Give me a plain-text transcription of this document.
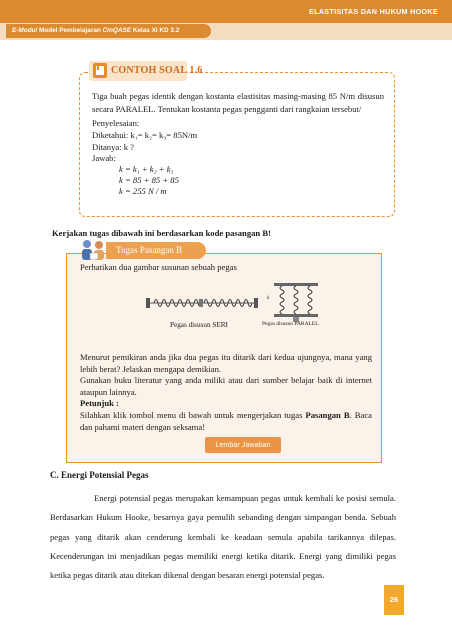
ELASTISITAS DAN HUKUM HOOKE
E-Modul Model Pembelajaran CinQASE Kelas XI KD 3.2
CONTOH SOAL 1.6
Tiga buah pegas identik dengan kostanta elastisitas masing-masing 85 N/m disusun secara PARALEL. Tentukan kostanta pegas pengganti dari rangkaian tersebut/
Penyelesaian:
Diketahui: k₁= k₂= k₃= 85N/m
Ditanya: k ?
Jawab:
k = k₁ + k₂ + k₃
k = 85 + 85 + 85
k = 255 N / m
Kerjakan tugas dibawah ini berdasarkan kode pasangan B!
Tugas Pasangan B
Perhatikan dua gambar susunan sebuah pegas
k
Pegas disusun SERI	Pegas disusun PARALEL

Menurut pemikiran anda jika dua pegas itu ditarik dari kedua ujungnya, mana yang lebih berat? Jelaskan mengapa demikian.

Gunakan buku literatur yang anda miliki atau dari sumber belajar baik di internet ataupun lainnya.

Petunjuk :

Silahkan klik tombol menu di bawah untuk mengerjakan tugas Pasangan B. Baca dan pahami materi dengan seksama!

Lembar Jawaban
C. Energi Potensial Pegas
Energi potensial pegas merupakan kemampuan pegas untuk kembali ke posisi semula. Berdasarkan Hukum Hooke, besarnya gaya pemulih sebanding dengan simpangan benda. Sebuah pegas yang ditarik akan cenderung kembali ke keadaan semula apabila tarikannya dilepas. Kecenderungan ini menjadikan pegas memiliki energi ketika ditarik. Energi yang dimiliki pegas ketika pegas ditarik atau ditekan dikenal dengan besaran energi potensial pegas.
26
